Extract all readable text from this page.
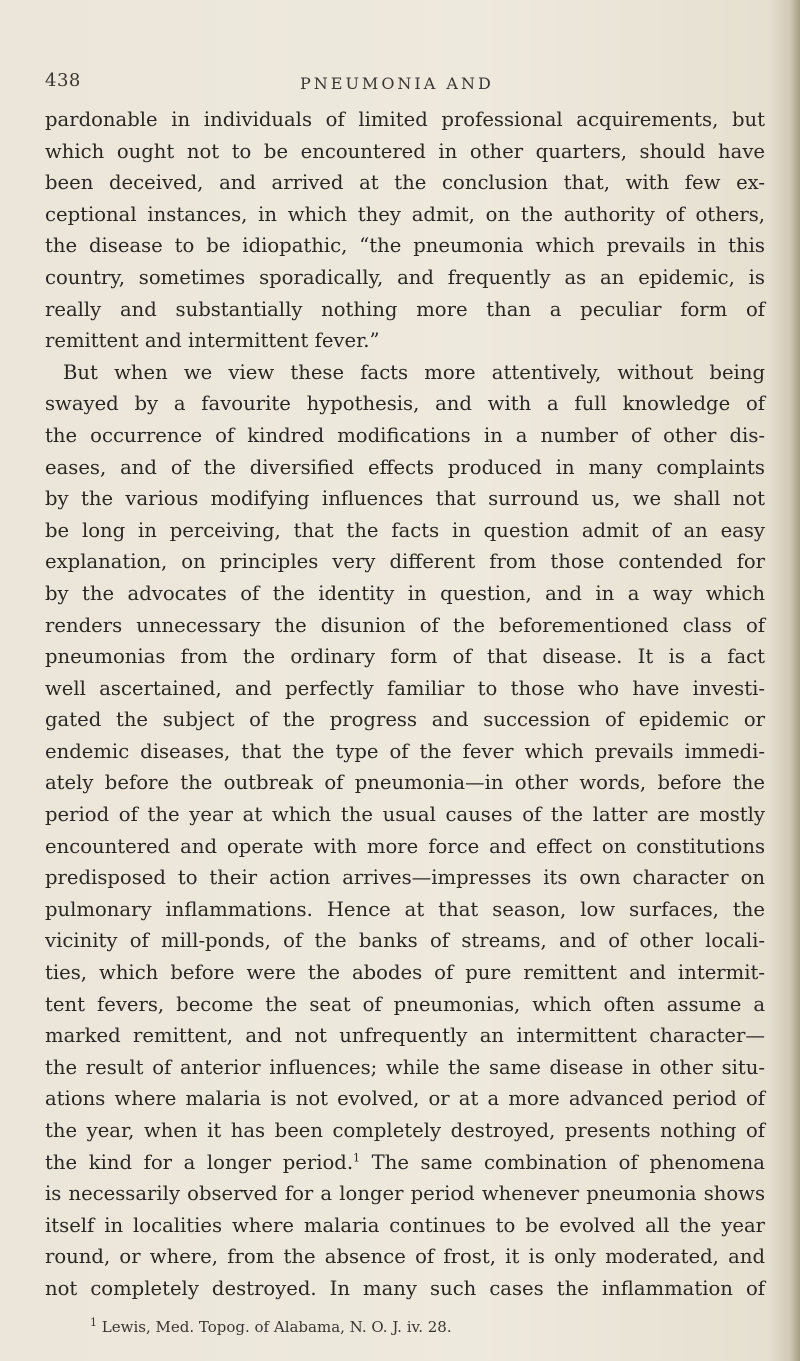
438	PNEUMONIA AND
pardonable in individuals of limited professional acquirements, but
which ought not to be encountered in other quarters, should have
been deceived, and arrived at the conclusion that, with few ex-
ceptional instances, in which they admit, on the authority of others,
the disease to be idiopathic, “the pneumonia which prevails in this
country, sometimes sporadically, and frequently as an epidemic, is
really and substantially nothing more than a peculiar form of
remittent and intermittent fever.”
But when we view these facts more attentively, without being
swayed by a favourite hypothesis, and with a full knowledge of
the occurrence of kindred modifications in a number of other dis-
eases, and of the diversified effects produced in many complaints
by the various modifying influences that surround us, we shall not
be long in perceiving, that the facts in question admit of an easy
explanation, on principles very different from those contended for
by the advocates of the identity in question, and in a way which
renders unnecessary the disunion of the beforementioned class of
pneumonias from the ordinary form of that disease. It is a fact
well ascertained, and perfectly familiar to those who have investi-
gated the subject of the progress and succession of epidemic or
endemic diseases, that the type of the fever which prevails immedi-
ately before the outbreak of pneumonia—in other words, before the
period of the year at which the usual causes of the latter are mostly
encountered and operate with more force and effect on constitutions
predisposed to their action arrives—impresses its own character on
pulmonary inflammations. Hence at that season, low surfaces, the
vicinity of mill-ponds, of the banks of streams, and of other locali-
ties, which before were the abodes of pure remittent and intermit-
tent fevers, become the seat of pneumonias, which often assume a
marked remittent, and not unfrequently an intermittent character—
the result of anterior influences; while the same disease in other situ-
ations where malaria is not evolved, or at a more advanced period of
the year, when it has been completely destroyed, presents nothing of
the kind for a longer period.$^1$ The same combination of phenomena
is necessarily observed for a longer period whenever pneumonia shows
itself in localities where malaria continues to be evolved all the year
round, or where, from the absence of frost, it is only moderated, and
not completely destroyed. In many such cases the inflammation of
$^1$ Lewis, Med. Topog. of Alabama, N. O. J. iv. 28.
